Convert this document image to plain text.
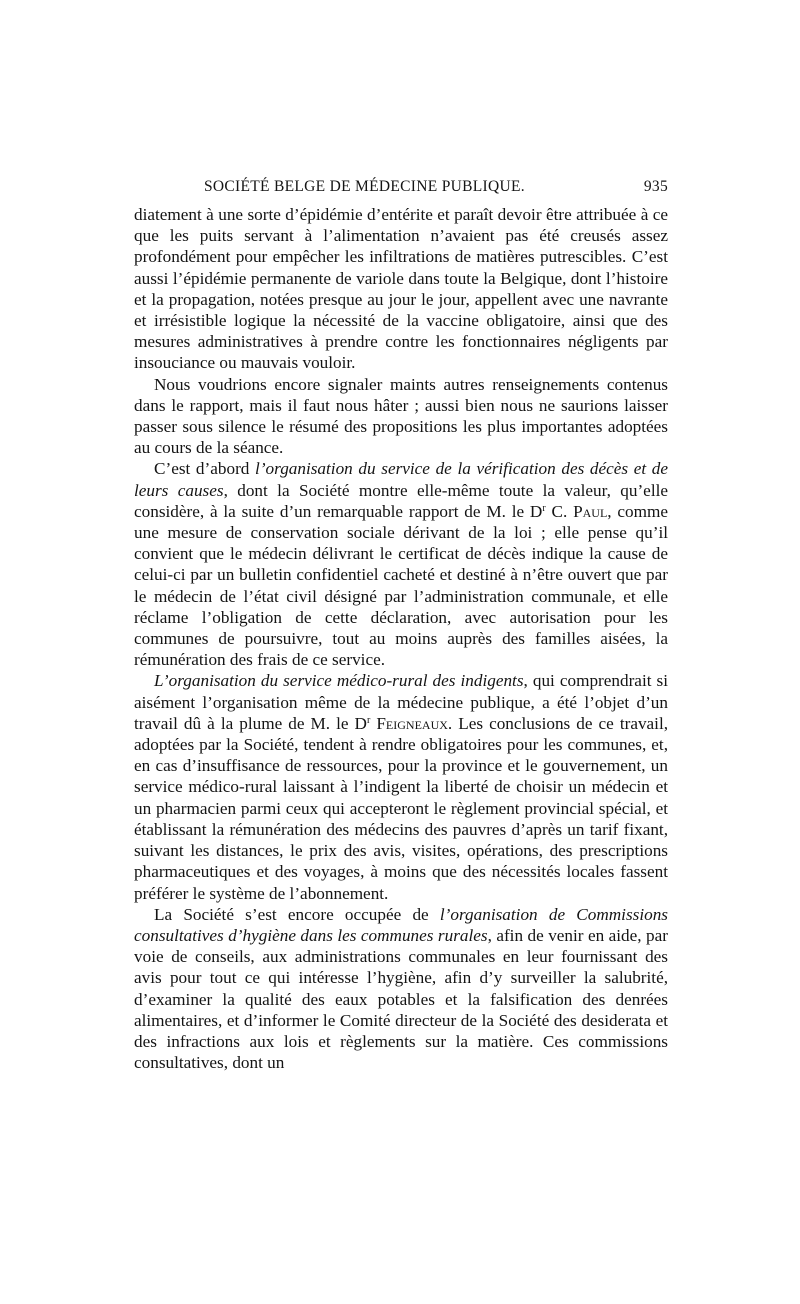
SOCIÉTÉ BELGE DE MÉDECINE PUBLIQUE.	935

diatement à une sorte d’épidémie d’entérite et paraît devoir être attribuée à ce que les puits servant à l’alimentation n’avaient pas été creusés assez profondément pour empêcher les infiltrations de matières putrescibles. C’est aussi l’épidémie permanente de variole dans toute la Belgique, dont l’histoire et la propagation, notées presque au jour le jour, appellent avec une navrante et irrésistible logique la nécessité de la vaccine obligatoire, ainsi que des mesures administratives à prendre contre les fonctionnaires négligents par insouciance ou mauvais vouloir.

Nous voudrions encore signaler maints autres renseignements contenus dans le rapport, mais il faut nous hâter ; aussi bien nous ne saurions laisser passer sous silence le résumé des propositions les plus importantes adoptées au cours de la séance.

C’est d’abord l’organisation du service de la vérification des décès et de leurs causes, dont la Société montre elle-même toute la valeur, qu’elle considère, à la suite d’un remarquable rapport de M. le $D^r$ C. Paul, comme une mesure de conservation sociale dérivant de la loi ; elle pense qu’il convient que le médecin délivrant le certificat de décès indique la cause de celui-ci par un bulletin confidentiel cacheté et destiné à n’être ouvert que par le médecin de l’état civil désigné par l’administration communale, et elle réclame l’obligation de cette déclaration, avec autorisation pour les communes de poursuivre, tout au moins auprès des familles aisées, la rémunération des frais de ce service.

L’organisation du service médico-rural des indigents, qui comprendrait si aisément l’organisation même de la médecine publique, a été l’objet d’un travail dû à la plume de M. le $D^r$ Feigneaux. Les conclusions de ce travail, adoptées par la Société, tendent à rendre obligatoires pour les communes, et, en cas d’insuffisance de ressources, pour la province et le gouvernement, un service médico-rural laissant à l’indigent la liberté de choisir un médecin et un pharmacien parmi ceux qui accepteront le règlement provincial spécial, et établissant la rémunération des médecins des pauvres d’après un tarif fixant, suivant les distances, le prix des avis, visites, opérations, des prescriptions pharmaceutiques et des voyages, à moins que des nécessités locales fassent préférer le système de l’abonnement.

La Société s’est encore occupée de l’organisation de Commissions consultatives d’hygiène dans les communes rurales, afin de venir en aide, par voie de conseils, aux administrations communales en leur fournissant des avis pour tout ce qui intéresse l’hygiène, afin d’y surveiller la salubrité, d’examiner la qualité des eaux potables et la falsification des denrées alimentaires, et d’informer le Comité directeur de la Société des desiderata et des infractions aux lois et règlements sur la matière. Ces commissions consultatives, dont un
